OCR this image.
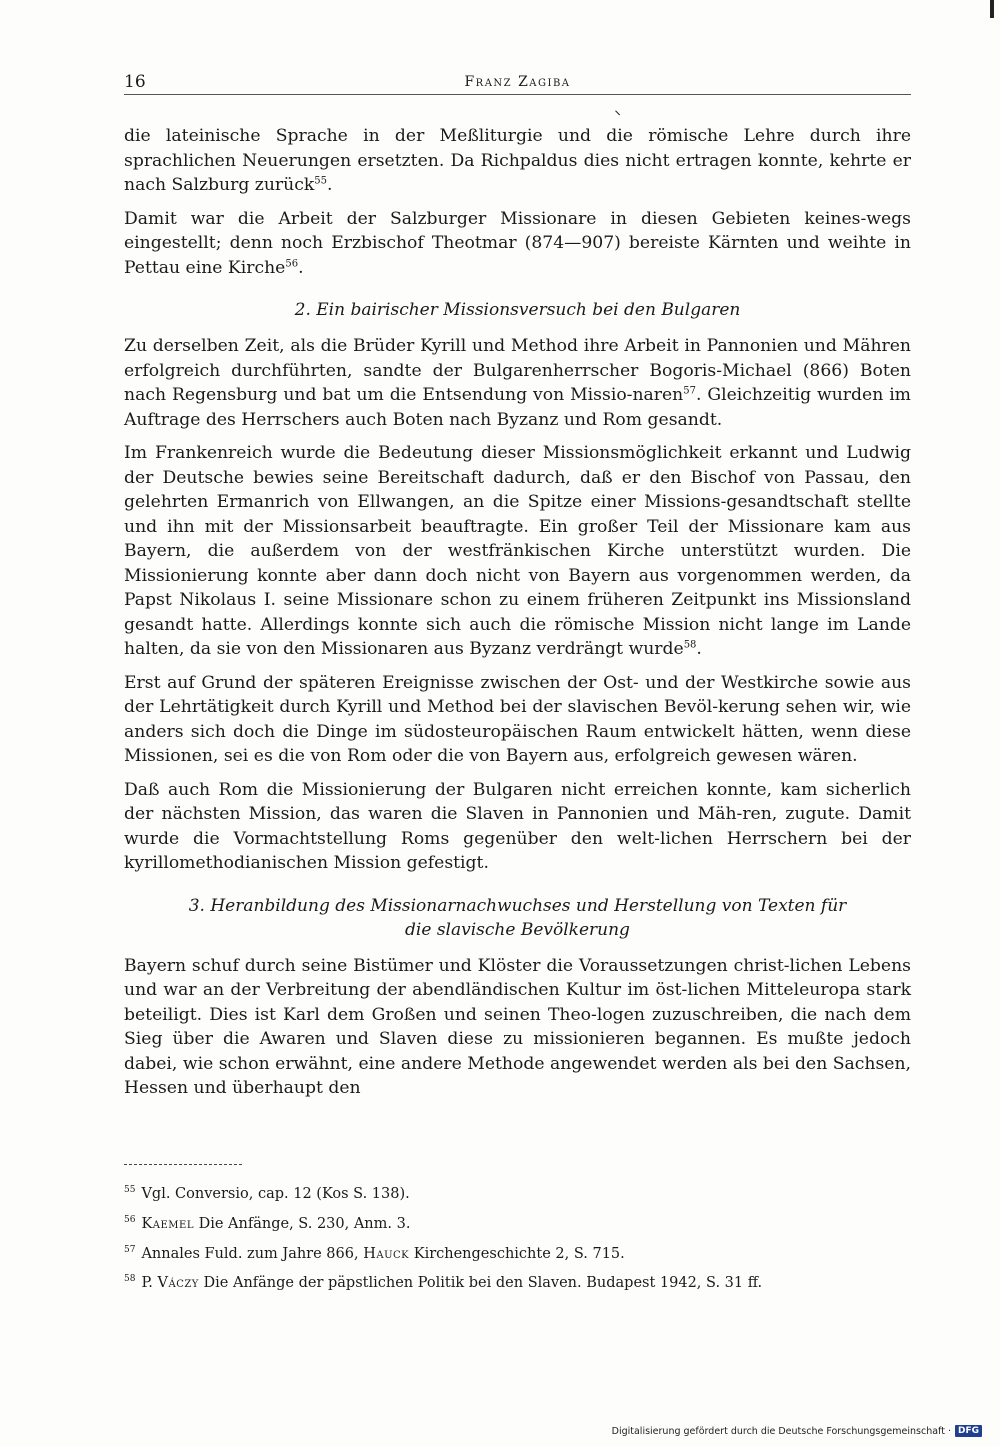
16	Franz Zagiba

die lateinische Sprache in der Meßliturgie und die römische Lehre durch ihre sprachlichen Neuerungen ersetzten. Da Richpaldus dies nicht ertragen konnte, kehrte er nach Salzburg zurück$^{55}$.

Damit war die Arbeit der Salzburger Missionare in diesen Gebieten keines-wegs eingestellt; denn noch Erzbischof Theotmar (874—907) bereiste Kärnten und weihte in Pettau eine Kirche$^{56}$.

2. Ein bairischer Missionsversuch bei den Bulgaren

Zu derselben Zeit, als die Brüder Kyrill und Method ihre Arbeit in Pannonien und Mähren erfolgreich durchführten, sandte der Bulgarenherrscher Bogoris-Michael (866) Boten nach Regensburg und bat um die Entsendung von Missio-naren$^{57}$. Gleichzeitig wurden im Auftrage des Herrschers auch Boten nach Byzanz und Rom gesandt.

Im Frankenreich wurde die Bedeutung dieser Missionsmöglichkeit erkannt und Ludwig der Deutsche bewies seine Bereitschaft dadurch, daß er den Bischof von Passau, den gelehrten Ermanrich von Ellwangen, an die Spitze einer Missions-gesandtschaft stellte und ihn mit der Missionsarbeit beauftragte. Ein großer Teil der Missionare kam aus Bayern, die außerdem von der westfränkischen Kirche unterstützt wurden. Die Missionierung konnte aber dann doch nicht von Bayern aus vorgenommen werden, da Papst Nikolaus I. seine Missionare schon zu einem früheren Zeitpunkt ins Missionsland gesandt hatte. Allerdings konnte sich auch die römische Mission nicht lange im Lande halten, da sie von den Missionaren aus Byzanz verdrängt wurde$^{58}$.

Erst auf Grund der späteren Ereignisse zwischen der Ost- und der Westkirche sowie aus der Lehrtätigkeit durch Kyrill und Method bei der slavischen Bevöl-kerung sehen wir, wie anders sich doch die Dinge im südosteuropäischen Raum entwickelt hätten, wenn diese Missionen, sei es die von Rom oder die von Bayern aus, erfolgreich gewesen wären.

Daß auch Rom die Missionierung der Bulgaren nicht erreichen konnte, kam sicherlich der nächsten Mission, das waren die Slaven in Pannonien und Mäh-ren, zugute. Damit wurde die Vormachtstellung Roms gegenüber den welt-lichen Herrschern bei der kyrillomethodianischen Mission gefestigt.

3. Heranbildung des Missionarnachwuchses und Herstellung von Texten für
die slavische Bevölkerung

Bayern schuf durch seine Bistümer und Klöster die Voraussetzungen christ-lichen Lebens und war an der Verbreitung der abendländischen Kultur im öst-lichen Mitteleuropa stark beteiligt. Dies ist Karl dem Großen und seinen Theo-logen zuzuschreiben, die nach dem Sieg über die Awaren und Slaven diese zu missionieren begannen. Es mußte jedoch dabei, wie schon erwähnt, eine andere Methode angewendet werden als bei den Sachsen, Hessen und überhaupt den

$^{55}$ Vgl. Conversio, cap. 12 (Kos S. 138).
$^{56}$ Kaemel Die Anfänge, S. 230, Anm. 3.
$^{57}$ Annales Fuld. zum Jahre 866, Hauck Kirchengeschichte 2, S. 715.
$^{58}$ P. Váczy Die Anfänge der päpstlichen Politik bei den Slaven. Budapest 1942, S. 31 ff.
Digitalisierung gefördert durch die Deutsche Forschungsgemeinschaft · DFG
